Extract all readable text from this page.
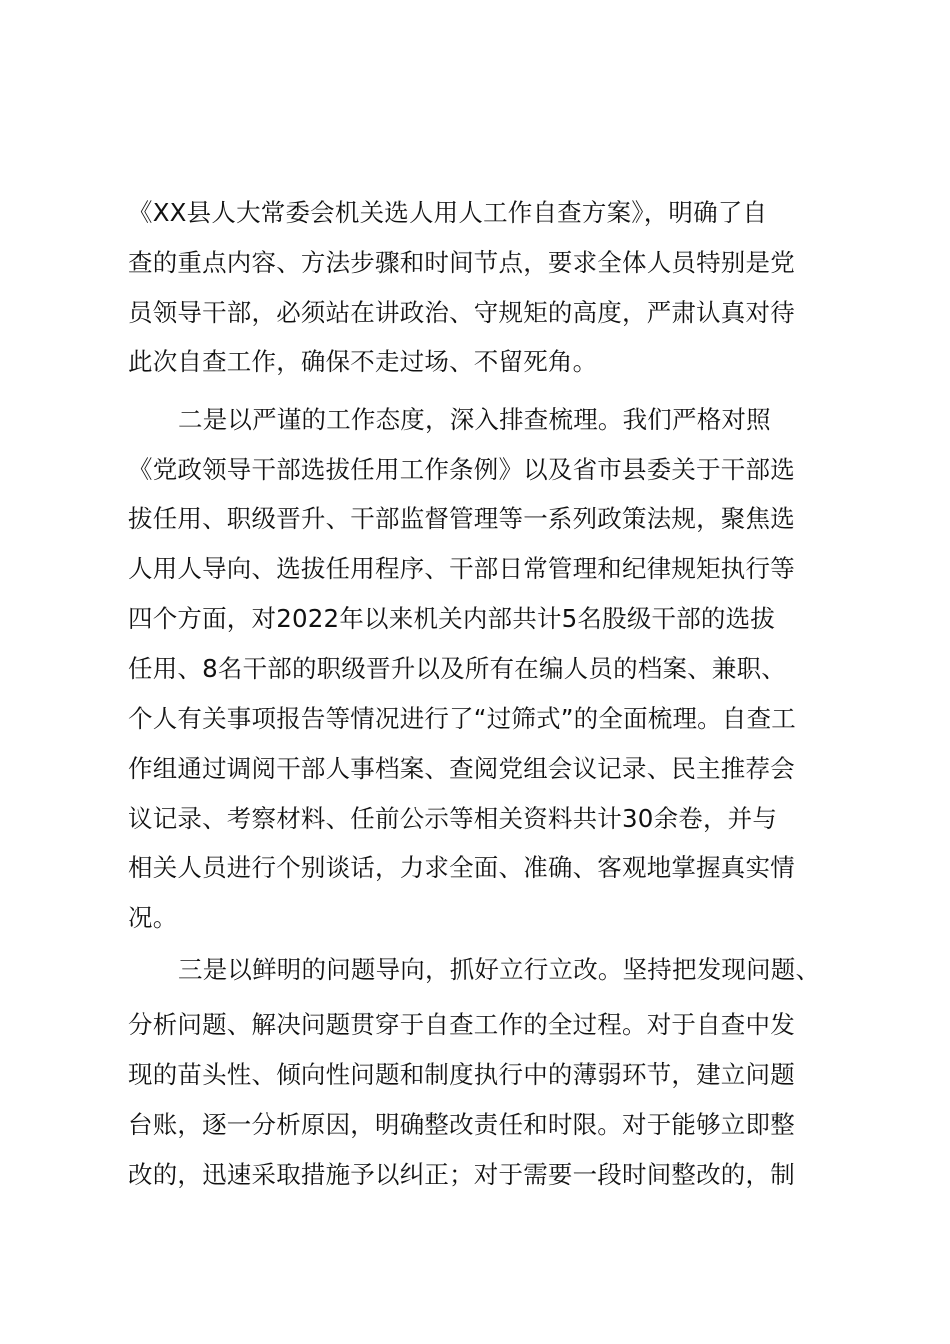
《XX县人大常委会机关选人用人工作自查方案》，明确了自
查的重点内容、方法步骤和时间节点，要求全体人员特别是党
员领导干部，必须站在讲政治、守规矩的高度，严肃认真对待
此次自查工作，确保不走过场、不留死角。
二是以严谨的工作态度，深入排查梳理。我们严格对照
《党政领导干部选拔任用工作条例》以及省市县委关于干部选
拔任用、职级晋升、干部监督管理等一系列政策法规，聚焦选
人用人导向、选拔任用程序、干部日常管理和纪律规矩执行等
四个方面，对2022年以来机关内部共计5名股级干部的选拔
任用、8名干部的职级晋升以及所有在编人员的档案、兼职、
个人有关事项报告等情况进行了“过筛式”的全面梳理。自查工
作组通过调阅干部人事档案、查阅党组会议记录、民主推荐会
议记录、考察材料、任前公示等相关资料共计30余卷，并与
相关人员进行个别谈话，力求全面、准确、客观地掌握真实情
况。
三是以鲜明的问题导向，抓好立行立改。坚持把发现问题、
分析问题、解决问题贯穿于自查工作的全过程。对于自查中发
现的苗头性、倾向性问题和制度执行中的薄弱环节，建立问题
台账，逐一分析原因，明确整改责任和时限。对于能够立即整
改的，迅速采取措施予以纠正；对于需要一段时间整改的，制
